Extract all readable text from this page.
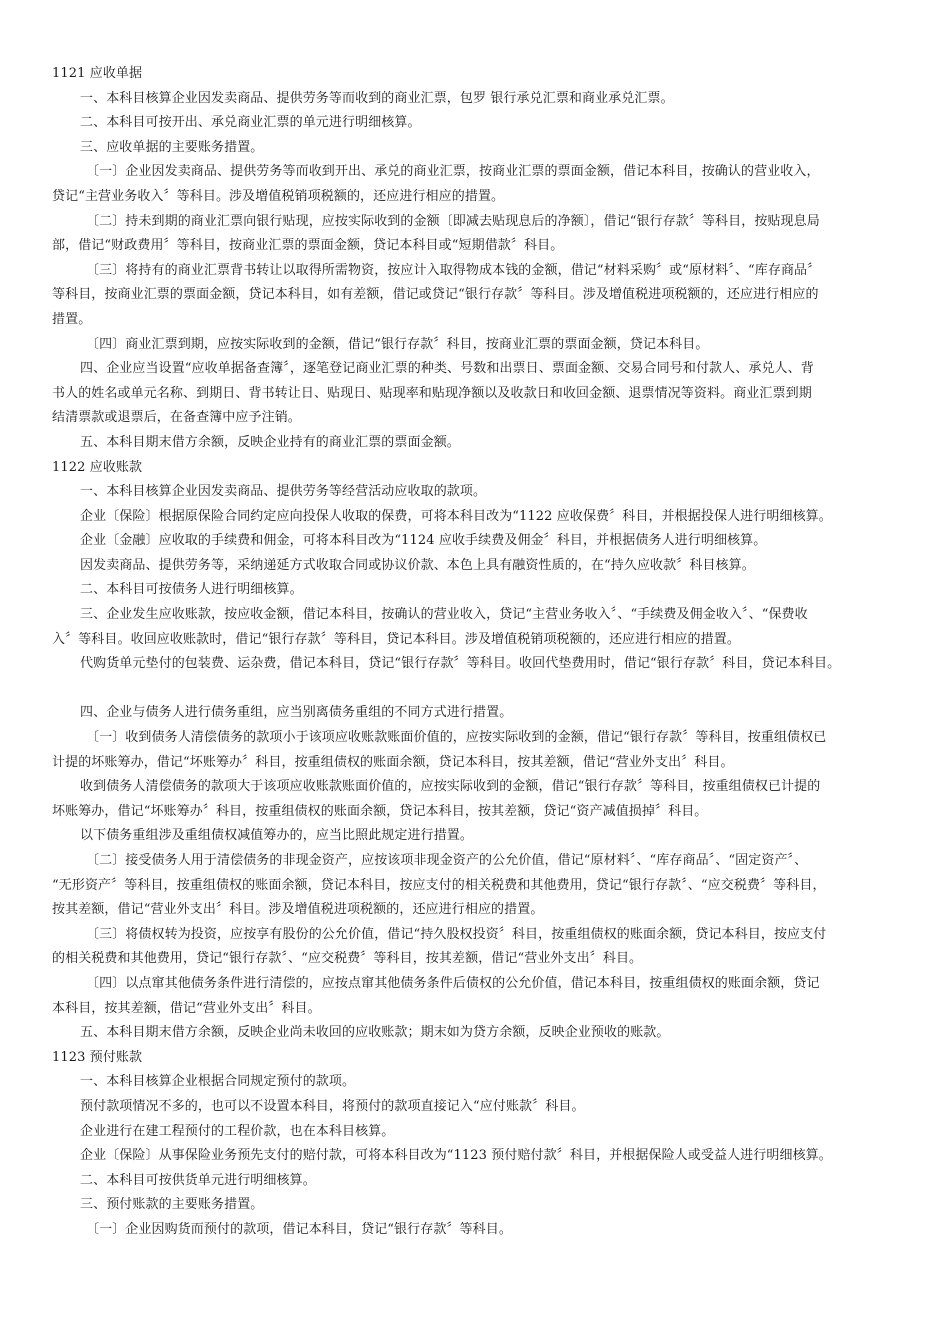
1121 应收单据
一、本科目核算企业因发卖商品、提供劳务等而收到的商业汇票，包罗 银行承兑汇票和商业承兑汇票。
二、本科目可按开出、承兑商业汇票的单元进行明细核算。
三、应收单据的主要账务措置。
〔一〕企业因发卖商品、提供劳务等而收到开出、承兑的商业汇票，按商业汇票的票面金额，借记本科目，按确认的营业收入，
贷记“主营业务收入〞等科目。涉及增值税销项税额的，还应进行相应的措置。
〔二〕持未到期的商业汇票向银行贴现，应按实际收到的金额〔即减去贴现息后的净额〕，借记“银行存款〞等科目，按贴现息局
部，借记“财政费用〞等科目，按商业汇票的票面金额，贷记本科目或“短期借款〞科目。
〔三〕将持有的商业汇票背书转让以取得所需物资，按应计入取得物成本钱的金额，借记“材料采购〞或“原材料〞、“库存商品〞
等科目，按商业汇票的票面金额，贷记本科目，如有差额，借记或贷记“银行存款〞等科目。涉及增值税进项税额的，还应进行相应的
措置。
〔四〕商业汇票到期，应按实际收到的金额，借记“银行存款〞科目，按商业汇票的票面金额，贷记本科目。
四、企业应当设置“应收单据备查簿〞，逐笔登记商业汇票的种类、号数和出票日、票面金额、交易合同号和付款人、承兑人、背
书人的姓名或单元名称、到期日、背书转让日、贴现日、贴现率和贴现净额以及收款日和收回金额、退票情况等资料。商业汇票到期
结清票款或退票后，在备查簿中应予注销。
五、本科目期末借方余额，反映企业持有的商业汇票的票面金额。
1122 应收账款
一、本科目核算企业因发卖商品、提供劳务等经营活动应收取的款项。
企业〔保险〕根据原保险合同约定应向投保人收取的保费，可将本科目改为“1122 应收保费〞科目，并根据投保人进行明细核算。
企业〔金融〕应收取的手续费和佣金，可将本科目改为“1124 应收手续费及佣金〞科目，并根据债务人进行明细核算。
因发卖商品、提供劳务等，采纳递延方式收取合同或协议价款、本色上具有融资性质的，在“持久应收款〞科目核算。
二、本科目可按债务人进行明细核算。
三、企业发生应收账款，按应收金额，借记本科目，按确认的营业收入，贷记“主营业务收入〞、“手续费及佣金收入〞、“保费收
入〞等科目。收回应收账款时，借记“银行存款〞等科目，贷记本科目。涉及增值税销项税额的，还应进行相应的措置。
代购货单元垫付的包装费、运杂费，借记本科目，贷记“银行存款〞等科目。收回代垫费用时，借记“银行存款〞科目，贷记本科目。
四、企业与债务人进行债务重组，应当别离债务重组的不同方式进行措置。
〔一〕收到债务人清偿债务的款项小于该项应收账款账面价值的，应按实际收到的金额，借记“银行存款〞等科目，按重组债权已
计提的坏账筹办，借记“坏账筹办〞科目，按重组债权的账面余额，贷记本科目，按其差额，借记“营业外支出〞科目。
收到债务人清偿债务的款项大于该项应收账款账面价值的，应按实际收到的金额，借记“银行存款〞等科目，按重组债权已计提的
坏账筹办，借记“坏账筹办〞科目，按重组债权的账面余额，贷记本科目，按其差额，贷记“资产减值损掉〞科目。
以下债务重组涉及重组债权减值筹办的，应当比照此规定进行措置。
〔二〕接受债务人用于清偿债务的非现金资产，应按该项非现金资产的公允价值，借记“原材料〞、“库存商品〞、“固定资产〞、
“无形资产〞等科目，按重组债权的账面余额，贷记本科目，按应支付的相关税费和其他费用，贷记“银行存款〞、“应交税费〞等科目，
按其差额，借记“营业外支出〞科目。涉及增值税进项税额的，还应进行相应的措置。
〔三〕将债权转为投资，应按享有股份的公允价值，借记“持久股权投资〞科目，按重组债权的账面余额，贷记本科目，按应支付
的相关税费和其他费用，贷记“银行存款〞、“应交税费〞等科目，按其差额，借记“营业外支出〞科目。
〔四〕以点窜其他债务条件进行清偿的，应按点窜其他债务条件后债权的公允价值，借记本科目，按重组债权的账面余额，贷记
本科目，按其差额，借记“营业外支出〞科目。
五、本科目期末借方余额，反映企业尚未收回的应收账款；期末如为贷方余额，反映企业预收的账款。
1123 预付账款
一、本科目核算企业根据合同规定预付的款项。
预付款项情况不多的，也可以不设置本科目，将预付的款项直接记入“应付账款〞科目。
企业进行在建工程预付的工程价款，也在本科目核算。
企业〔保险〕从事保险业务预先支付的赔付款，可将本科目改为“1123 预付赔付款〞科目，并根据保险人或受益人进行明细核算。
二、本科目可按供货单元进行明细核算。
三、预付账款的主要账务措置。
〔一〕企业因购货而预付的款项，借记本科目，贷记“银行存款〞等科目。
